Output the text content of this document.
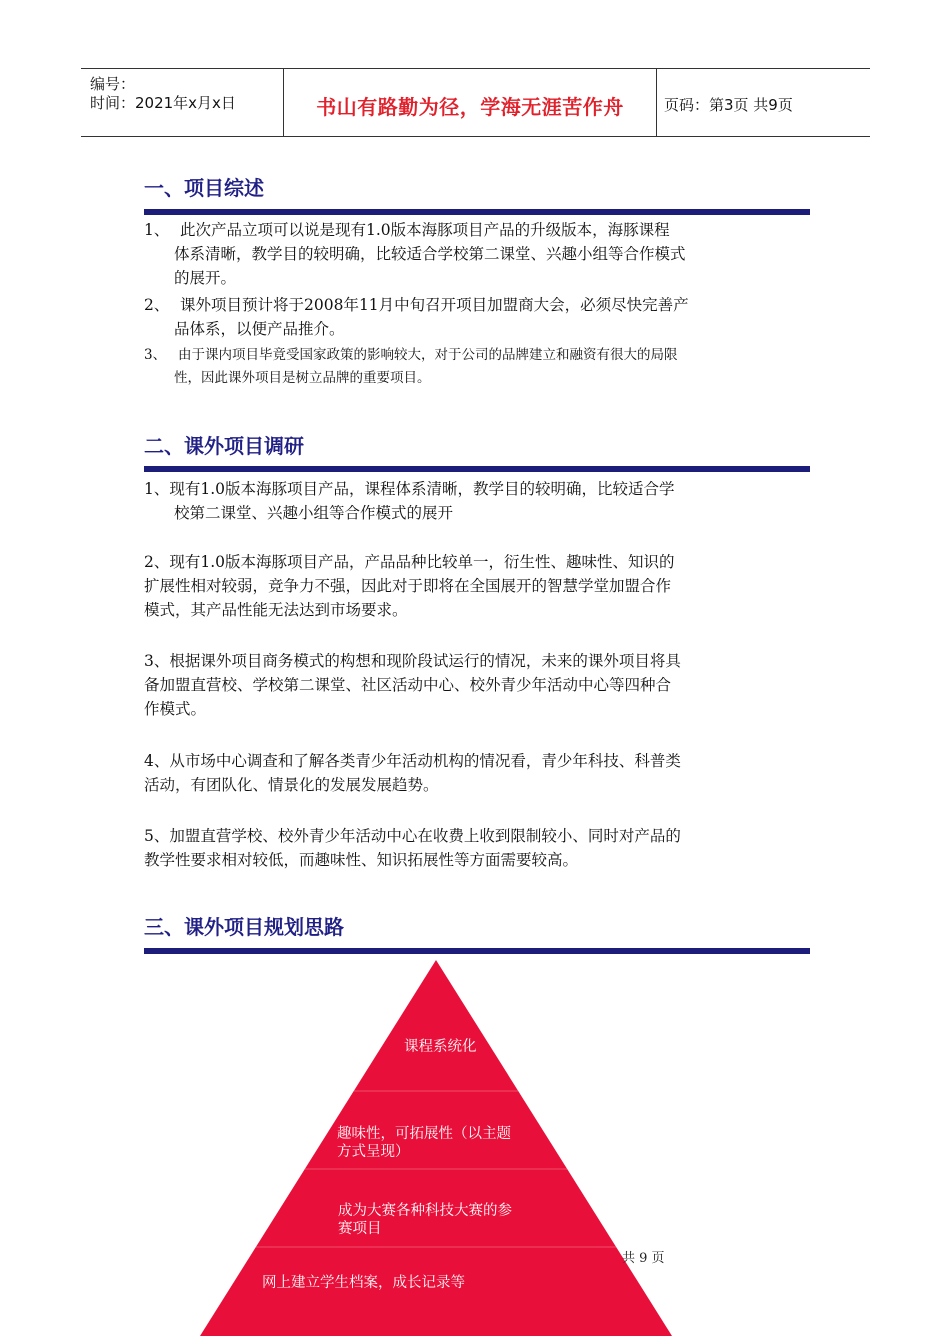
编号：
时间：2021年x月x日	书山有路勤为径，学海无涯苦作舟	页码：第3页 共9页
一、项目综述
1、 此次产品立项可以说是现有1.0版本海豚项目产品的升级版本，海豚课程
体系清晰，教学目的较明确，比较适合学校第二课堂、兴趣小组等合作模式
的展开。
2、 课外项目预计将于2008年11月中旬召开项目加盟商大会，必须尽快完善产
品体系，以便产品推介。
3、 由于课内项目毕竟受国家政策的影响较大，对于公司的品牌建立和融资有很大的局限
性，因此课外项目是树立品牌的重要项目。
二、课外项目调研
1、现有1.0版本海豚项目产品，课程体系清晰，教学目的较明确，比较适合学
校第二课堂、兴趣小组等合作模式的展开
2、现有1.0版本海豚项目产品，产品品种比较单一，衍生性、趣味性、知识的
扩展性相对较弱，竞争力不强，因此对于即将在全国展开的智慧学堂加盟合作
模式，其产品性能无法达到市场要求。
3、根据课外项目商务模式的构想和现阶段试运行的情况，未来的课外项目将具
备加盟直营校、学校第二课堂、社区活动中心、校外青少年活动中心等四种合
作模式。
4、从市场中心调查和了解各类青少年活动机构的情况看，青少年科技、科普类
活动，有团队化、情景化的发展发展趋势。
5、加盟直营学校、校外青少年活动中心在收费上收到限制较小、同时对产品的
教学性要求相对较低，而趣味性、知识拓展性等方面需要较高。
三、课外项目规划思路
课程系统化
趣味性，可拓展性（以主题
方式呈现）
成为大赛各种科技大赛的参
赛项目
网上建立学生档案，成长记录等
共 9 页
